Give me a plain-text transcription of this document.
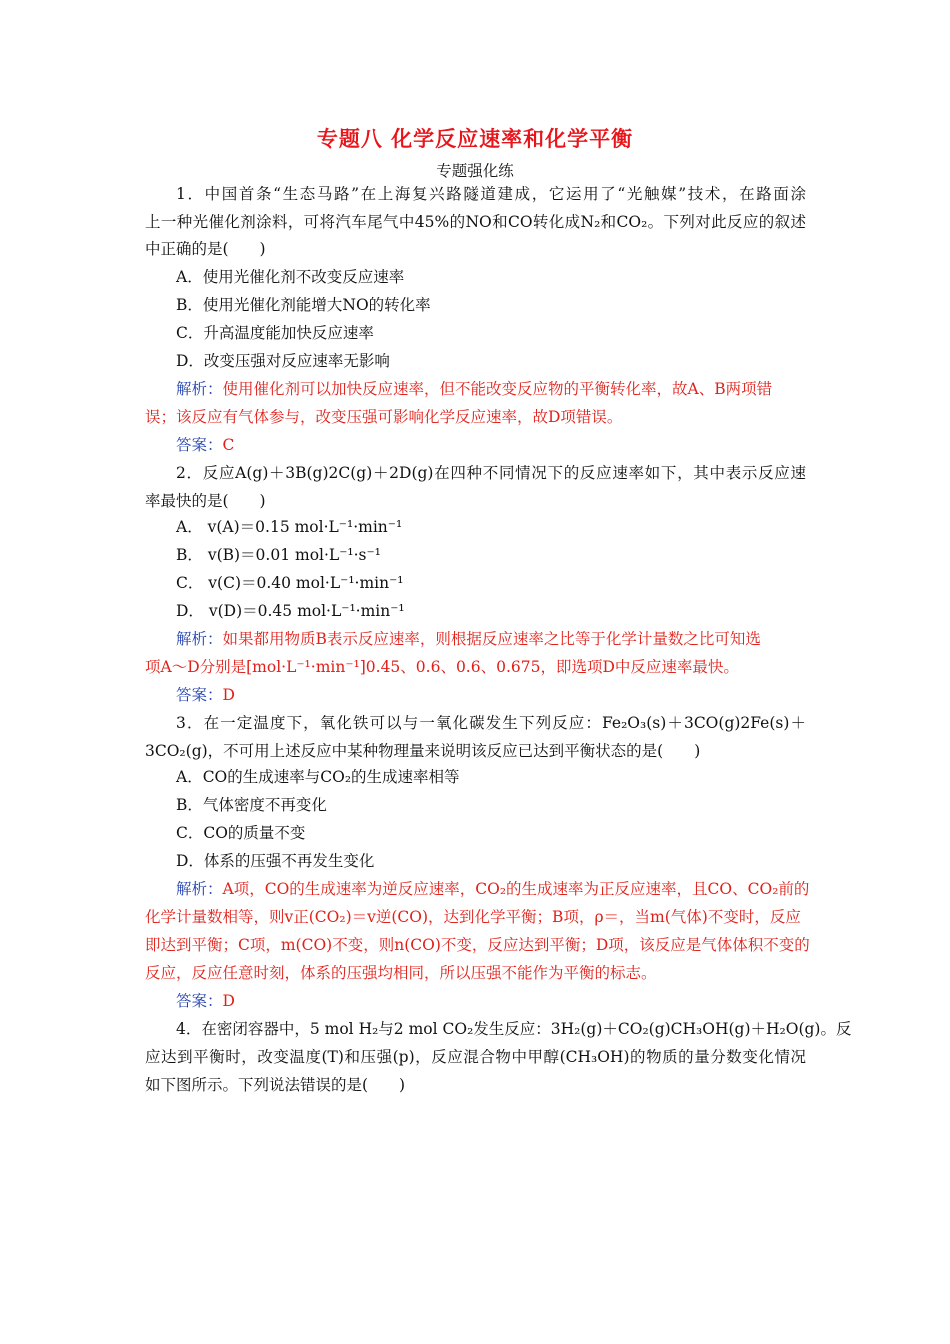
专题八 化学反应速率和化学平衡
专题强化练
1．中国首条“生态马路”在上海复兴路隧道建成，它运用了“光触媒”技术，在路面涂
上一种光催化剂涂料，可将汽车尾气中45%的NO和CO转化成N₂和CO₂。下列对此反应的叙述
中正确的是(　　)
A．使用光催化剂不改变反应速率
B．使用光催化剂能增大NO的转化率
C．升高温度能加快反应速率
D．改变压强对反应速率无影响
解析：使用催化剂可以加快反应速率，但不能改变反应物的平衡转化率，故A、B两项错
误；该反应有气体参与，改变压强可影响化学反应速率，故D项错误。
答案：C
2．反应A(g)＋3B(g)2C(g)＋2D(g)在四种不同情况下的反应速率如下，其中表示反应速
率最快的是(　　)
A． v(A)＝0.15 mol·L⁻¹·min⁻¹
B． v(B)＝0.01 mol·L⁻¹·s⁻¹
C． v(C)＝0.40 mol·L⁻¹·min⁻¹
D． v(D)＝0.45 mol·L⁻¹·min⁻¹
解析：如果都用物质B表示反应速率，则根据反应速率之比等于化学计量数之比可知选
项A～D分别是[mol·L⁻¹·min⁻¹]0.45、0.6、0.6、0.675，即选项D中反应速率最快。
答案：D
3．在一定温度下，氧化铁可以与一氧化碳发生下列反应：Fe₂O₃(s)＋3CO(g)2Fe(s)＋
3CO₂(g)，不可用上述反应中某种物理量来说明该反应已达到平衡状态的是(　　)
A．CO的生成速率与CO₂的生成速率相等
B．气体密度不再变化
C．CO的质量不变
D．体系的压强不再发生变化
解析：A项，CO的生成速率为逆反应速率，CO₂的生成速率为正反应速率，且CO、CO₂前的
化学计量数相等，则v正(CO₂)＝v逆(CO)，达到化学平衡；B项，ρ＝，当m(气体)不变时，反应
即达到平衡；C项，m(CO)不变，则n(CO)不变，反应达到平衡；D项，该反应是气体体积不变的
反应，反应任意时刻，体系的压强均相同，所以压强不能作为平衡的标志。
答案：D
4．在密闭容器中，5 mol H₂与2 mol CO₂发生反应：3H₂(g)＋CO₂(g)CH₃OH(g)＋H₂O(g)。反
应达到平衡时，改变温度(T)和压强(p)，反应混合物中甲醇(CH₃OH)的物质的量分数变化情况
如下图所示。下列说法错误的是(　　)
